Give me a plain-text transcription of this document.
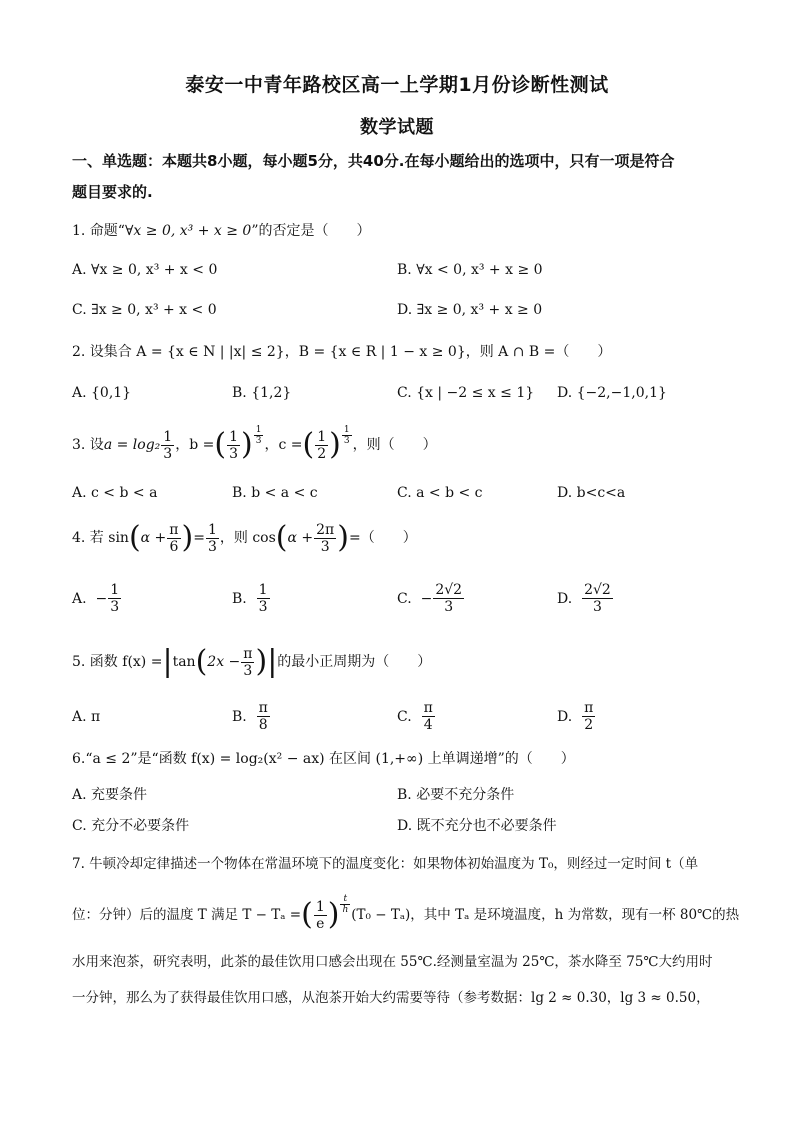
泰安一中青年路校区高一上学期1月份诊断性测试
数学试题
一、单选题：本题共8小题，每小题5分，共40分.在每小题给出的选项中，只有一项是符合
题目要求的.
1. 命题“∀x ≥ 0, x³ + x ≥ 0”的否定是（　　）
A. ∀x ≥ 0, x³ + x < 0	B. ∀x < 0, x³ + x ≥ 0
C. ∃x ≥ 0, x³ + x < 0	D. ∃x ≥ 0, x³ + x ≥ 0
2. 设集合 A = {x ∈ N | |x| ≤ 2}，B = {x ∈ R | 1 − x ≥ 0}，则 A ∩ B =（　　）
A. {0,1}	B. {1,2}	C. {x | −2 ≤ x ≤ 1} D. {−2,−1,0,1}
3. 设 $a = \log_2 \frac{1}{3}$ ，b = ( $\frac{1}{3}$ ) $\frac{1}{3}$ ，c = ( $\frac{1}{2}$ ) $\frac{1}{3}$ ，则（　　）
A. c < b < a	B. b < a < c	C. a < b < c	D. b<c<a
4. 若 sin ( $\alpha + \frac{\pi}{6}$ ) = $\frac{1}{3}$ ，则 cos ( $\alpha + \frac{2\pi}{3}$ ) =（　　）
A.
− $\frac{1}{3}$	B.
$\frac{1}{3}$	C.
− $\frac{2√2}{3}$	D.
$\frac{2√2}{3}$
5. 函数 f(x) = | tan ( $2x - \frac{\pi}{3}$ ) | 的最小正周期为（　　）
A. π	B.
$\frac{\pi}{8}$	C.
$\frac{\pi}{4}$	D.
$\frac{\pi}{2}$
6.“a ≤ 2”是“函数 f(x) = log₂(x² − ax) 在区间 (1,+∞) 上单调递增”的（　　）
A. 充要条件	B. 必要不充分条件
C. 充分不必要条件	D. 既不充分也不必要条件
7. 牛顿冷却定律描述一个物体在常温环境下的温度变化：如果物体初始温度为 T₀，则经过一定时间 t（单
位：分钟）后的温度 T 满足 T − Tₐ = ( $\frac{1}{e}$ ) $\frac{t}{h}$
(T₀ − Tₐ)，其中 Tₐ 是环境温度，h 为常数，现有一杯 80℃的热
水用来泡茶，研究表明，此茶的最佳饮用口感会出现在 55℃.经测量室温为 25℃，茶水降至 75℃大约用时
一分钟，那么为了获得最佳饮用口感，从泡茶开始大约需要等待（参考数据：lg 2 ≈ 0.30，lg 3 ≈ 0.50，
